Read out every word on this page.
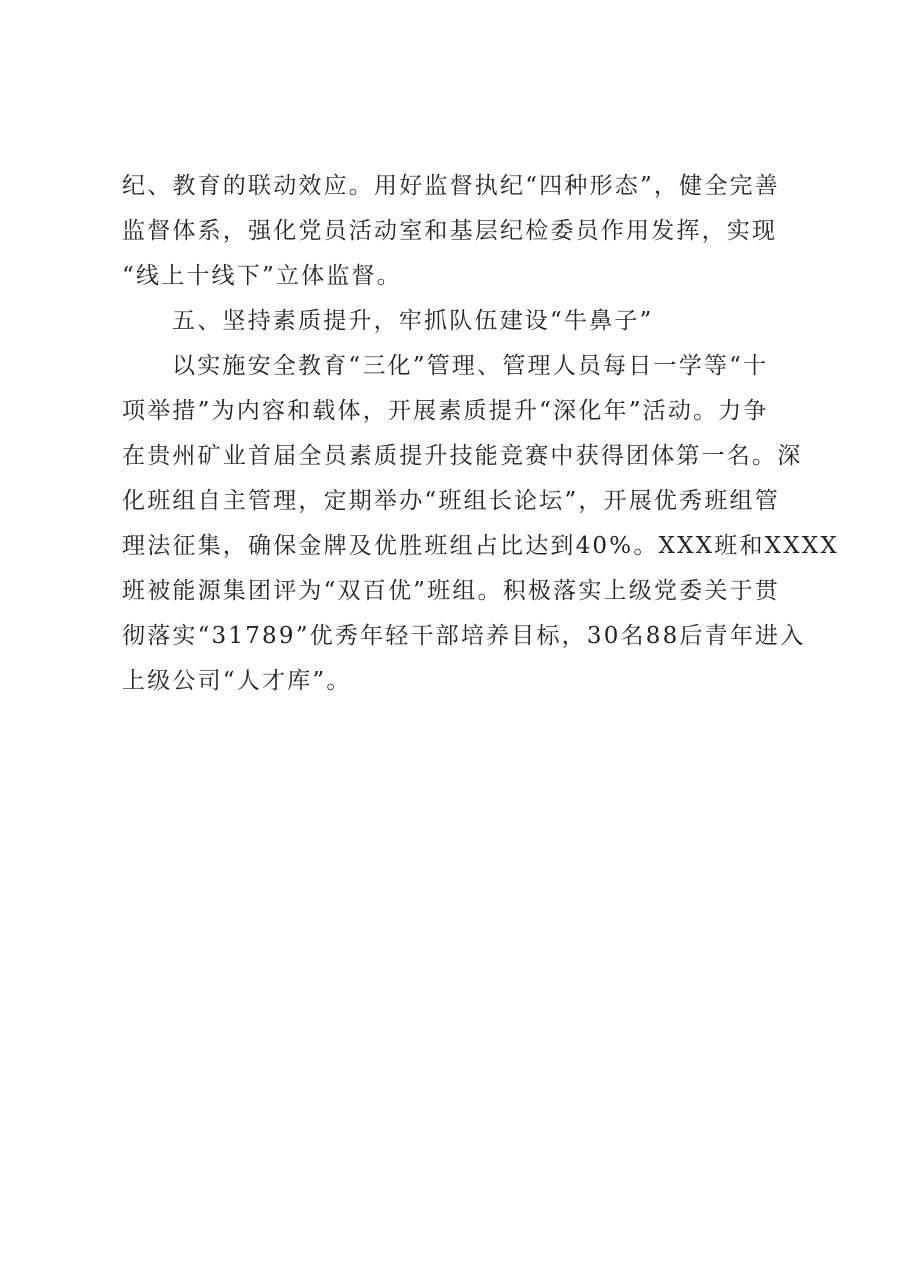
纪、教育的联动效应。用好监督执纪“四种形态”，健全完善
监督体系，强化党员活动室和基层纪检委员作用发挥，实现
“线上十线下”立体监督。
五、坚持素质提升，牢抓队伍建设“牛鼻子”
以实施安全教育“三化”管理、管理人员每日一学等“十
项举措”为内容和载体，开展素质提升“深化年”活动。力争
在贵州矿业首届全员素质提升技能竞赛中获得团体第一名。深
化班组自主管理，定期举办“班组长论坛”，开展优秀班组管
理法征集，确保金牌及优胜班组占比达到40%。XXX班和XXXX
班被能源集团评为“双百优”班组。积极落实上级党委关于贯
彻落实“31789”优秀年轻干部培养目标，30名88后青年进入
上级公司“人才库”。
